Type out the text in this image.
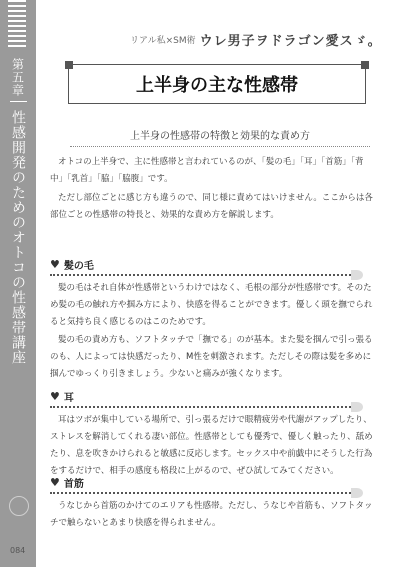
第五章
性感開発のためのオトコの性感帯講座
084
リアル私×SM術 ウレ男子ヲドラゴン愛スゞ。
上半身の主な性感帯
上半身の性感帯の特徴と効果的な責め方

オトコの上半身で、主に性感帯と言われているのが、「髪の毛」「耳」「首筋」「背中」「乳首」「脇」「脇腹」です。

ただし部位ごとに感じ方も違うので、同じ様に責めてはいけません。ここからは各部位ごとの性感帯の特長と、効果的な責め方を解説します。

♥ 髪の毛

髪の毛はそれ自体が性感帯というわけではなく、毛根の部分が性感帯です。そのため髪の毛の触れ方や掴み方により、快感を得ることができます。優しく頭を撫でられると気持ち良く感じるのはこのためです。

髪の毛の責め方も、ソフトタッチで「撫でる」のが基本。また髪を掴んで引っ張るのも、人によっては快感だったり、M性を刺激されます。ただしその際は髪を多めに掴んでゆっくり引きましょう。少ないと痛みが強くなります。

♥ 耳

耳はツボが集中している場所で、引っ張るだけで眼精疲労や代謝がアップしたり、ストレスを解消してくれる凄い部位。性感帯としても優秀で、優しく触ったり、舐めたり、息を吹きかけられると敏感に反応します。セックス中や前戯中にそうした行為をするだけで、相手の感度も格段に上がるので、ぜひ試してみてください。

♥ 首筋

うなじから首筋のかけてのエリアも性感帯。ただし、うなじや首筋も、ソフトタッチで触らないとあまり快感を得られません。
